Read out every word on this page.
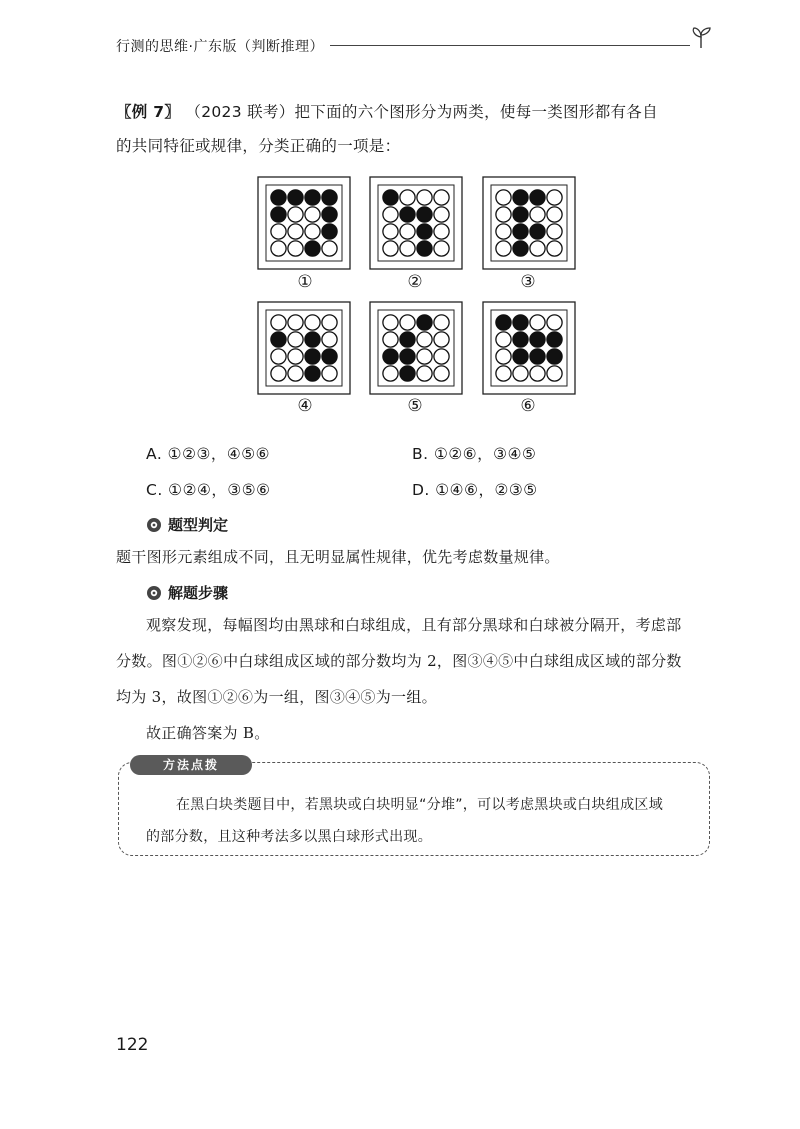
行测的思维·广东版（判断推理）
〖例 7〗 （2023 联考）把下面的六个图形分为两类，使每一类图形都有各自
的共同特征或规律，分类正确的一项是：
①	②	③
④	⑤	⑥
A. ①②③，④⑤⑥	B. ①②⑥，③④⑤
C. ①②④，③⑤⑥	D. ①④⑥，②③⑤
题型判定
题干图形元素组成不同，且无明显属性规律，优先考虑数量规律。
解题步骤
观察发现，每幅图均由黑球和白球组成，且有部分黑球和白球被分隔开，考虑部
分数。图①②⑥中白球组成区域的部分数均为 2，图③④⑤中白球组成区域的部分数
均为 3，故图①②⑥为一组，图③④⑤为一组。
故正确答案为 B。
方法点拨
在黑白块类题目中，若黑块或白块明显“分堆”，可以考虑黑块或白块组成区域
的部分数，且这种考法多以黑白球形式出现。
122
